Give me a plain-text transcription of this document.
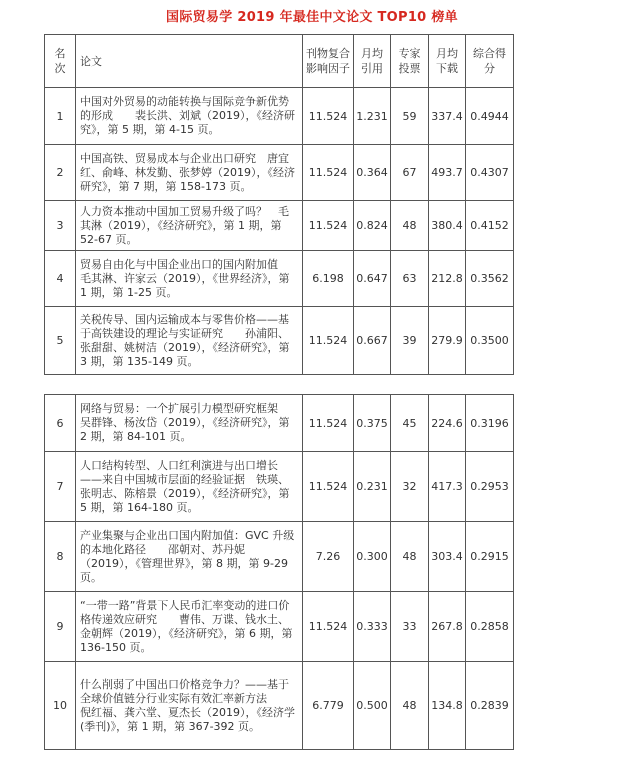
国际贸易学 2019 年最佳中文论文 TOP10 榜单
名次	论文	刊物复合影响因子	月均引用	专家投票	月均下载	综合得分
1	中国对外贸易的动能转换与国际竞争新优势的形成　　裴长洪、刘斌（2019），《经济研究》，第 5 期，第 4-15 页。	11.524	1.231	59	337.4	0.4944
2	中国高铁、贸易成本与企业出口研究　唐宜红、俞峰、林发勤、张梦婷（2019），《经济研究》，第 7 期，第 158-173 页。	11.524	0.364	67	493.7	0.4307
3	人力资本推动中国加工贸易升级了吗？　毛其淋（2019），《经济研究》，第 1 期，第 52-67 页。	11.524	0.824	48	380.4	0.4152
4	贸易自由化与中国企业出口的国内附加值　　毛其淋、许家云（2019），《世界经济》，第 1 期，第 1-25 页。	6.198	0.647	63	212.8	0.3562
5	关税传导、国内运输成本与零售价格——基于高铁建设的理论与实证研究　　孙浦阳、张甜甜、姚树洁（2019），《经济研究》，第 3 期，第 135-149 页。	11.524	0.667	39	279.9	0.3500
6	网络与贸易：一个扩展引力模型研究框架　吴群锋、杨汝岱（2019），《经济研究》，第 2 期，第 84-101 页。	11.524	0.375	45	224.6	0.3196
7	人口结构转型、人口红利演进与出口增长——来自中国城市层面的经验证据　铁瑛、张明志、陈榕景（2019），《经济研究》，第 5 期，第 164-180 页。	11.524	0.231	32	417.3	0.2953
8	产业集聚与企业出口国内附加值：GVC 升级的本地化路径　　邵朝对、苏丹妮（2019），《管理世界》，第 8 期，第 9-29 页。	7.26	0.300	48	303.4	0.2915
9	“一带一路”背景下人民币汇率变动的进口价格传递效应研究　　曹伟、万谍、钱水土、金朝辉（2019），《经济研究》，第 6 期，第 136-150 页。	11.524	0.333	33	267.8	0.2858
10	什么削弱了中国出口价格竞争力？——基于全球价值链分行业实际有效汇率新方法　　倪红福、龚六堂、夏杰长（2019），《经济学(季刊)》，第 1 期，第 367-392 页。	6.779	0.500	48	134.8	0.2839
